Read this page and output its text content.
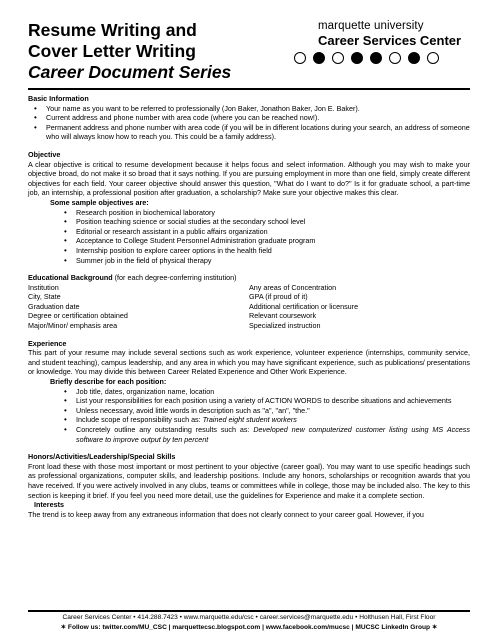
Resume Writing and
Cover Letter Writing
Career Document Series
marquette university
Career Services Center

Basic Information

• Your name as you want to be referred to professionally (Jon Baker, Jonathon Baker, Jon E. Baker).
• Current address and phone number with area code (where you can be reached now!).
• Permanent address and phone number with area code (if you will be in different locations during your search, an address of someone who will always know how to reach you. This could be a family address).

Objective

A clear objective is critical to resume development because it helps focus and select information. Although you may wish to make your objective broad, do not make it so broad that it says nothing. If you are pursuing employment in more than one field, simply create different objectives for each field. Your career objective should answer this question, "What do I want to do?" Is it for graduate school, a part-time job, an internship, a professional position after graduation, a scholarship? Make sure your objective makes this clear.

Some sample objectives are:

• Research position in biochemical laboratory
• Position teaching science or social studies at the secondary school level
• Editorial or research assistant in a public affairs organization
• Acceptance to College Student Personnel Administration graduate program
• Internship position to explore career options in the health field
• Summer job in the field of physical therapy

Educational Background (for each degree-conferring institution)

Institution

City, State

Graduation date

Degree or certification obtained

Major/Minor/ emphasis area

Any areas of Concentration

GPA (if proud of it)

Additional certification or licensure

Relevant coursework

Specialized instruction

Experience

This part of your resume may include several sections such as work experience, volunteer experience (internships, community service, and student teaching), campus leadership, and any area in which you may have significant experience, such as publications/ presentations or knowledge. You may divide this between Career Related Experience and Other Work Experience.

Briefly describe for each position:

• Job title, dates, organization name, location
• List your responsibilities for each position using a variety of ACTION WORDS to describe situations and achievements
• Unless necessary, avoid little words in description such as "a", "an", "the."
• Include scope of responsibility such as: Trained eight student workers
• Concretely outline any outstanding results such as: Developed new computerized customer listing using MS Access software to improve output by ten percent

Honors/Activities/Leadership/Special Skills

Front load these with those most important or most pertinent to your objective (career goal). You may want to use specific headings such as professional organizations, computer skills, and leadership positions. Include any honors, scholarships or recognition awards that you have received. If you were actively involved in any clubs, teams or committees while in college, those may be included also. The key to this section is keeping it brief. If you feel you need more detail, use the guidelines for Experience and make it a complete section.

Interests

The trend is to keep away from any extraneous information that does not clearly connect to your career goal. However, if you

Career Services Center • 414.288.7423 • www.marquette.edu/csc • career.services@marquette.edu • Holthusen Hall, First Floor
✶ Follow us: twitter.com/MU_CSC | marquettecsc.blogspot.com | www.facebook.com/mucsc | MUCSC LinkedIn Group ✶
